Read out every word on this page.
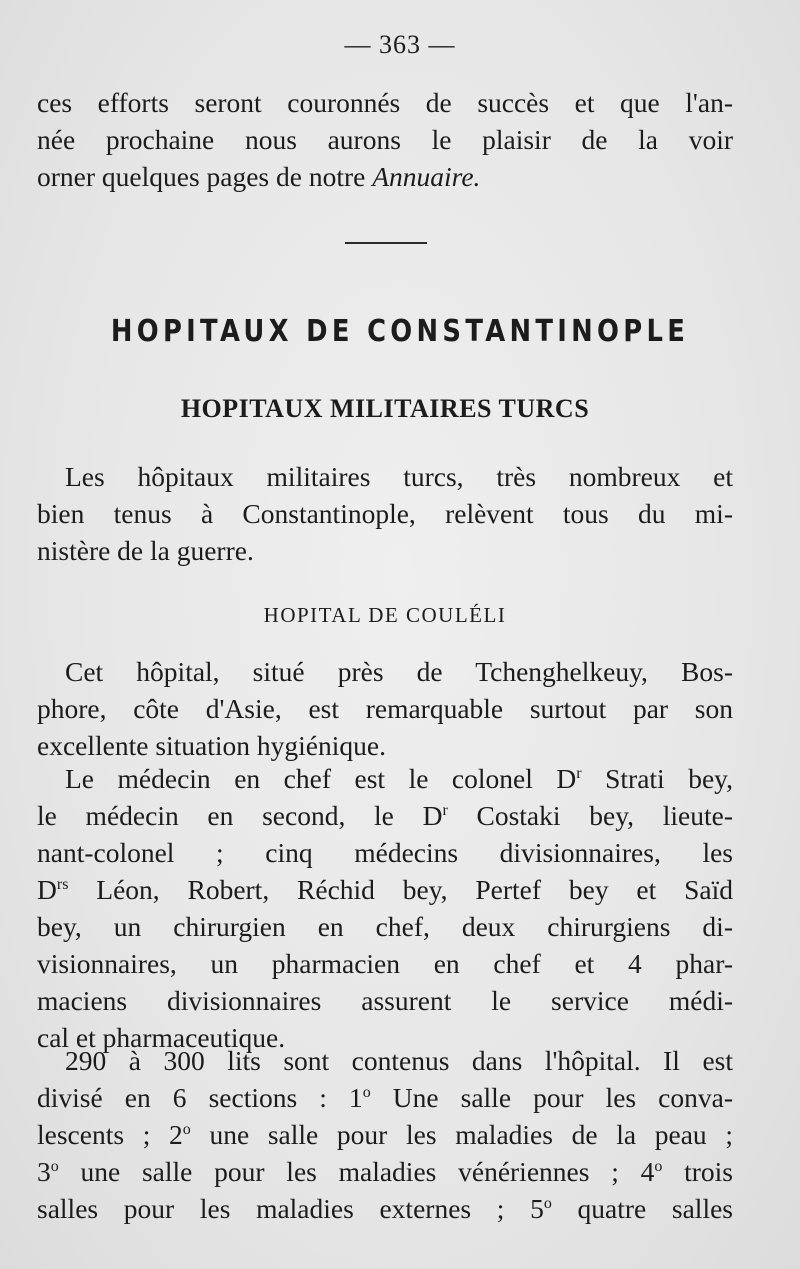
— 363 —
ces efforts seront couronnés de succès et que l'an-
née prochaine nous aurons le plaisir de la voir
orner quelques pages de notre Annuaire.
HOPITAUX DE CONSTANTINOPLE
HOPITAUX MILITAIRES TURCS
Les hôpitaux militaires turcs, très nombreux et
bien tenus à Constantinople, relèvent tous du mi-
nistère de la guerre.
HOPITAL DE COULÉLI
Cet hôpital, situé près de Tchenghelkeuy, Bos-
phore, côte d'Asie, est remarquable surtout par son
excellente situation hygiénique.
Le médecin en chef est le colonel $D^r$ Strati bey,
le médecin en second, le $D^r$ Costaki bey, lieute-
nant-colonel ; cinq médecins divisionnaires, les
$D^{rs}$ Léon, Robert, Réchid bey, Pertef bey et Saïd
bey, un chirurgien en chef, deux chirurgiens di-
visionnaires, un pharmacien en chef et 4 phar-
maciens divisionnaires assurent le service médi-
cal et pharmaceutique.
290 à 300 lits sont contenus dans l'hôpital. Il est
divisé en 6 sections : 1$^o$ Une salle pour les conva-
lescents ; 2$^o$ une salle pour les maladies de la peau ;
3$^o$ une salle pour les maladies vénériennes ; 4$^o$ trois
salles pour les maladies externes ; 5$^o$ quatre salles
